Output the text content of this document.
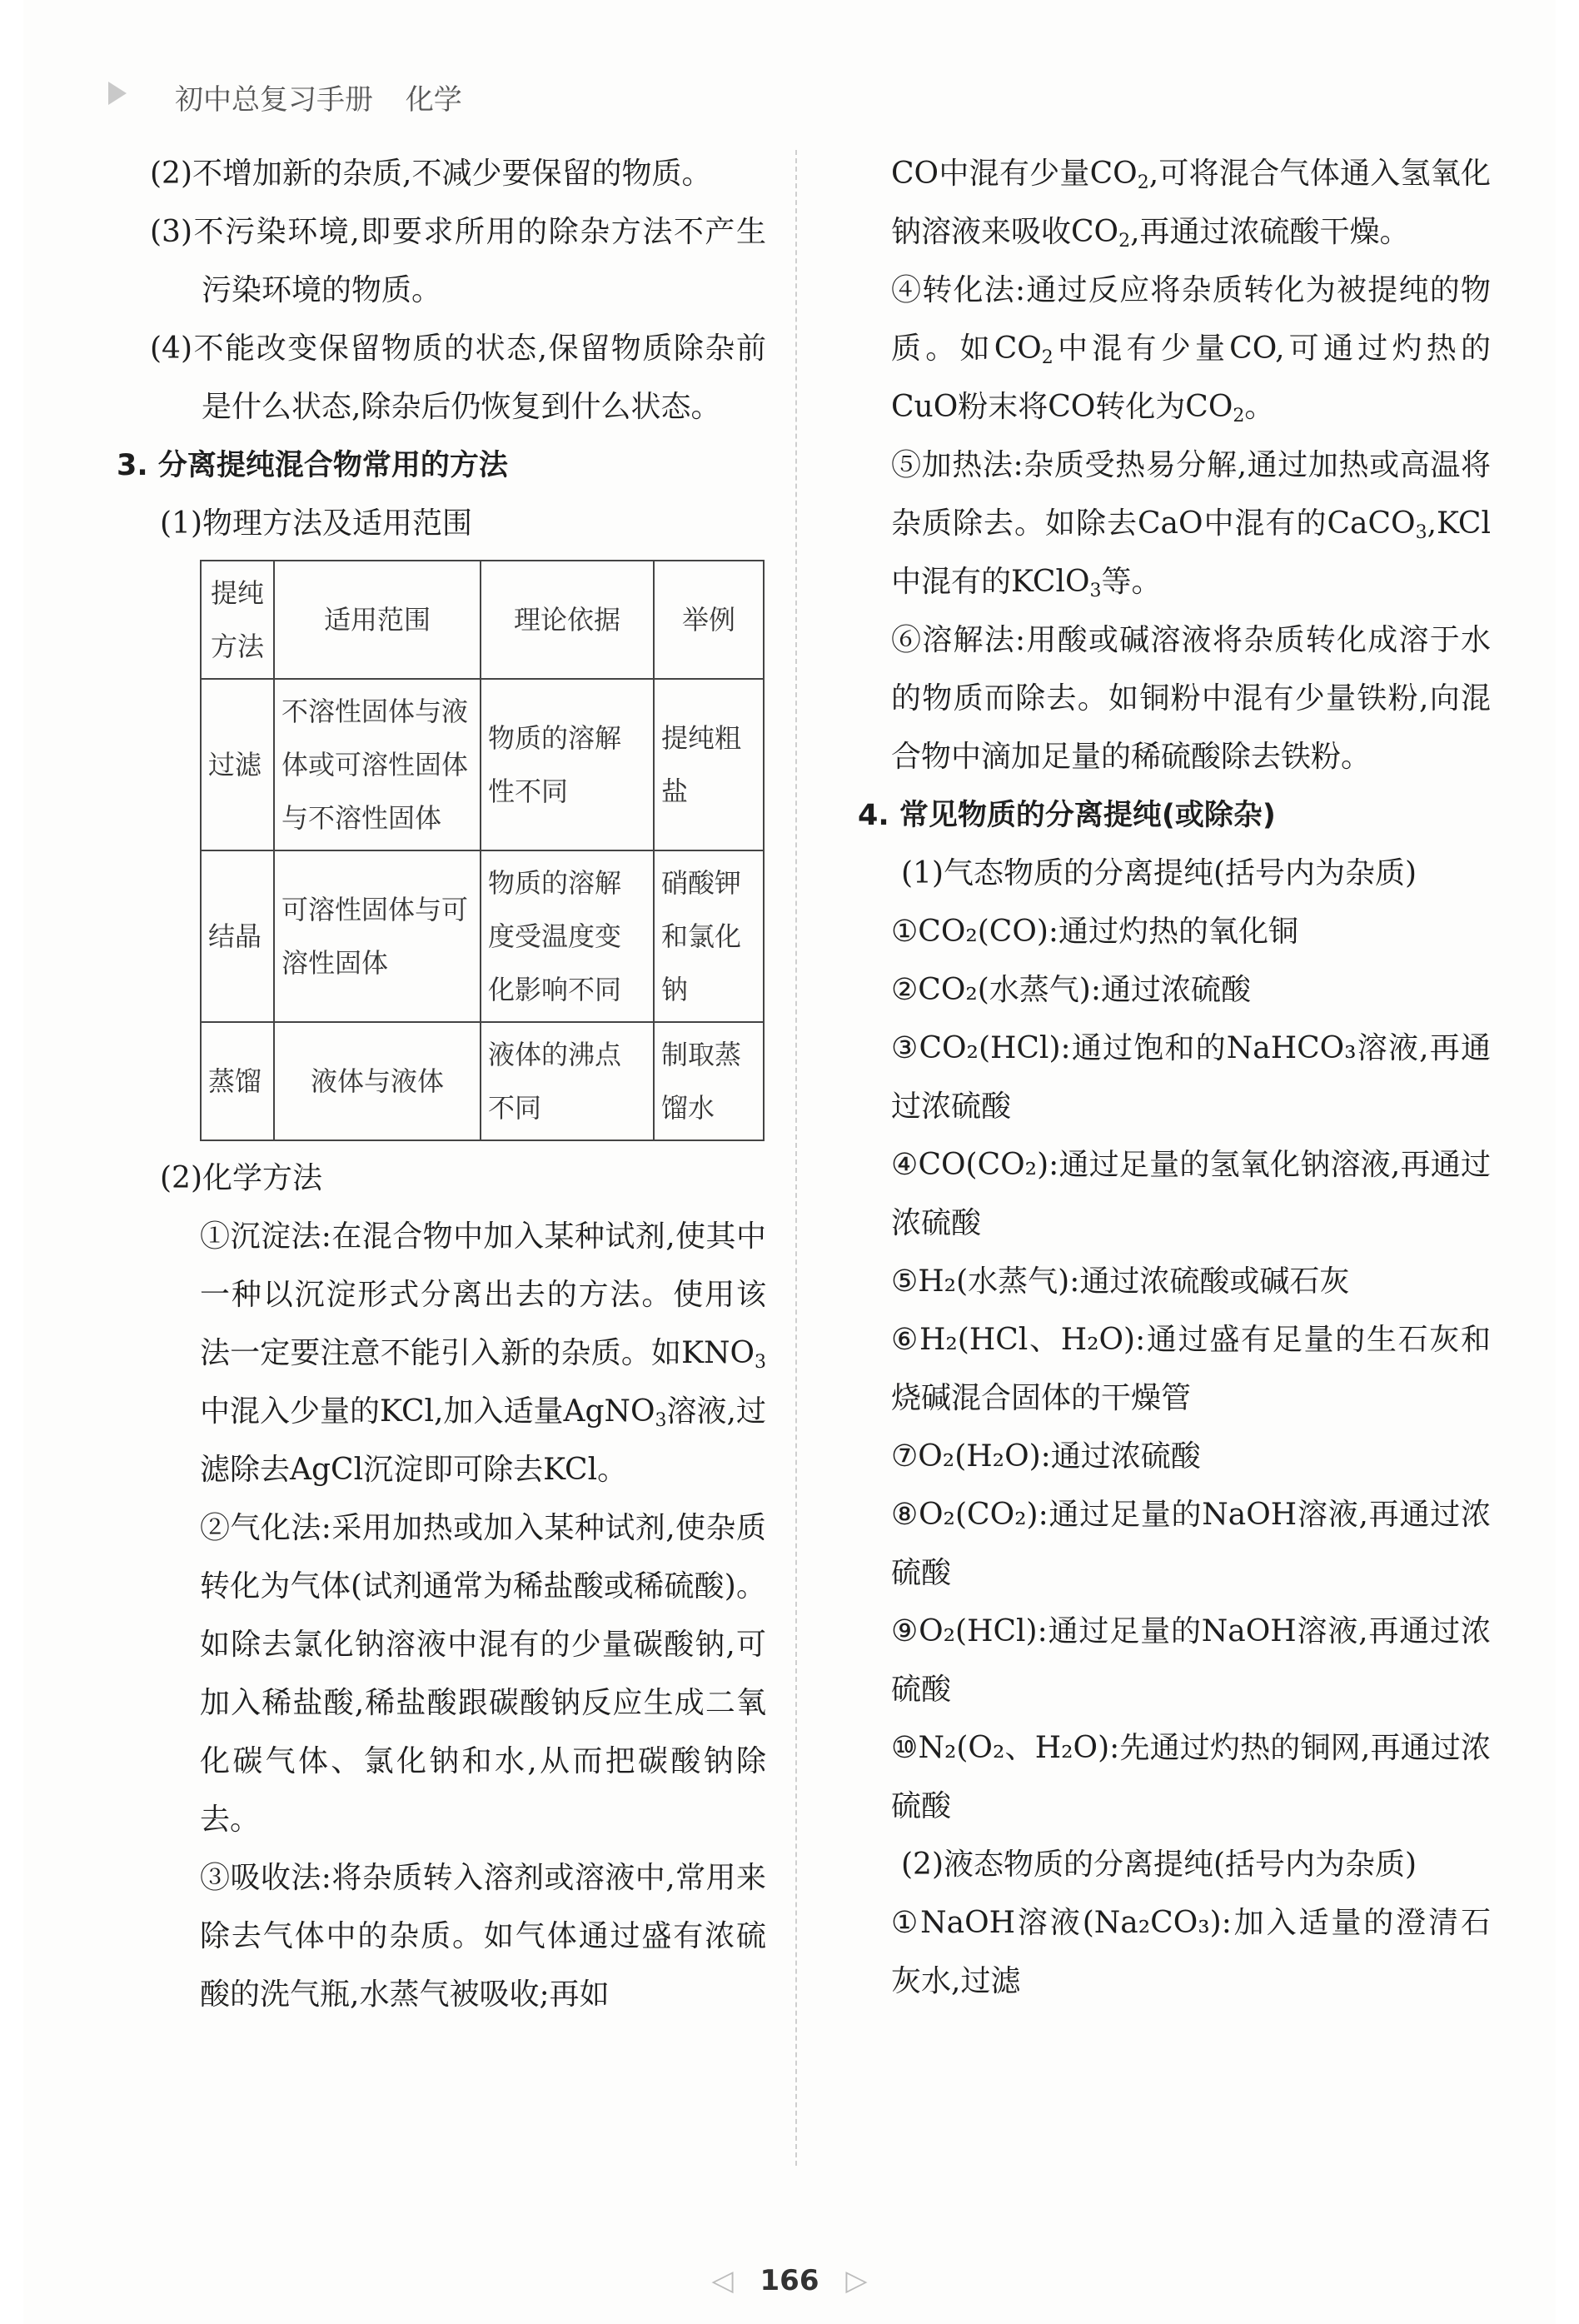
初中总复习手册 化学

(2)不增加新的杂质,不减少要保留的物质。

(3)不污染环境,即要求所用的除杂方法不产生污染环境的物质。

(4)不能改变保留物质的状态,保留物质除杂前是什么状态,除杂后仍恢复到什么状态。

3. 分离提纯混合物常用的方法

(1)物理方法及适用范围

提纯方法	适用范围	理论依据	举例
过滤	不溶性固体与液体或可溶性固体与不溶性固体	物质的溶解性不同	提纯粗盐
结晶	可溶性固体与可溶性固体	物质的溶解度受温度变化影响不同	硝酸钾和氯化钠
蒸馏	液体与液体	液体的沸点不同	制取蒸馏水

(2)化学方法

①沉淀法:在混合物中加入某种试剂,使其中一种以沉淀形式分离出去的方法。使用该法一定要注意不能引入新的杂质。如$KNO_3$中混入少量的KCl,加入适量AgNO$_3$溶液,过滤除去AgCl沉淀即可除去KCl。

②气化法:采用加热或加入某种试剂,使杂质转化为气体(试剂通常为稀盐酸或稀硫酸)。如除去氯化钠溶液中混有的少量碳酸钠,可加入稀盐酸,稀盐酸跟碳酸钠反应生成二氧化碳气体、氯化钠和水,从而把碳酸钠除去。

③吸收法:将杂质转入溶剂或溶液中,常用来除去气体中的杂质。如气体通过盛有浓硫酸的洗气瓶,水蒸气被吸收;再如

CO中混有少量$CO_2$,可将混合气体通入氢氧化钠溶液来吸收$CO_2$,再通过浓硫酸干燥。

④转化法:通过反应将杂质转化为被提纯的物质。如$CO_2$中混有少量CO,可通过灼热的CuO粉末将CO转化为$CO_2$。

⑤加热法:杂质受热易分解,通过加热或高温将杂质除去。如除去CaO中混有的CaCO$_3$,KCl中混有的KClO$_3$等。

⑥溶解法:用酸或碱溶液将杂质转化成溶于水的物质而除去。如铜粉中混有少量铁粉,向混合物中滴加足量的稀硫酸除去铁粉。

4. 常见物质的分离提纯(或除杂)

(1)气态物质的分离提纯(括号内为杂质)

①CO₂(CO):通过灼热的氧化铜

②CO₂(水蒸气):通过浓硫酸

③CO₂(HCl):通过饱和的NaHCO₃溶液,再通过浓硫酸

④CO(CO₂):通过足量的氢氧化钠溶液,再通过浓硫酸

⑤H₂(水蒸气):通过浓硫酸或碱石灰

⑥H₂(HCl、H₂O):通过盛有足量的生石灰和烧碱混合固体的干燥管

⑦O₂(H₂O):通过浓硫酸

⑧O₂(CO₂):通过足量的NaOH溶液,再通过浓硫酸

⑨O₂(HCl):通过足量的NaOH溶液,再通过浓硫酸

⑩N₂(O₂、H₂O):先通过灼热的铜网,再通过浓硫酸

(2)液态物质的分离提纯(括号内为杂质)

①NaOH溶液(Na₂CO₃):加入适量的澄清石灰水,过滤

◁ 166 ▷
